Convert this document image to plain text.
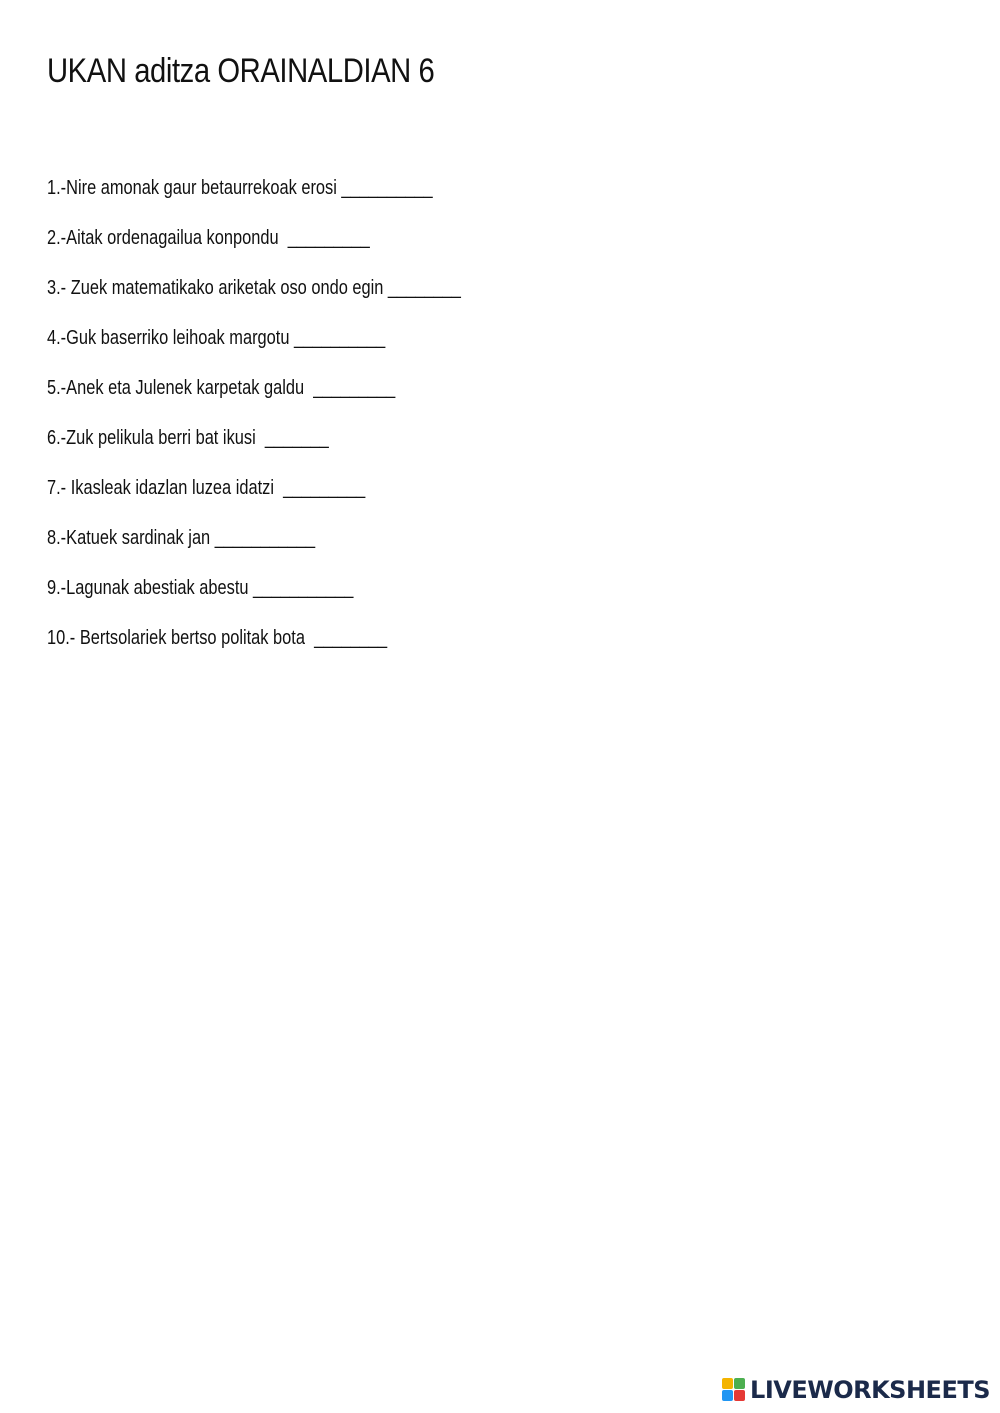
UKAN aditza ORAINALDIAN 6
1.-Nire amonak gaur betaurrekoak erosi __________
2.-Aitak ordenagailua konpondu  _________
3.- Zuek matematikako ariketak oso ondo egin ________
4.-Guk baserriko leihoak margotu __________
5.-Anek eta Julenek karpetak galdu  _________
6.-Zuk pelikula berri bat ikusi  _______
7.- Ikasleak idazlan luzea idatzi  _________
8.-Katuek sardinak jan ___________
9.-Lagunak abestiak abestu ___________
10.- Bertsolariek bertso politak bota  ________
LIVEWORKSHEETS
